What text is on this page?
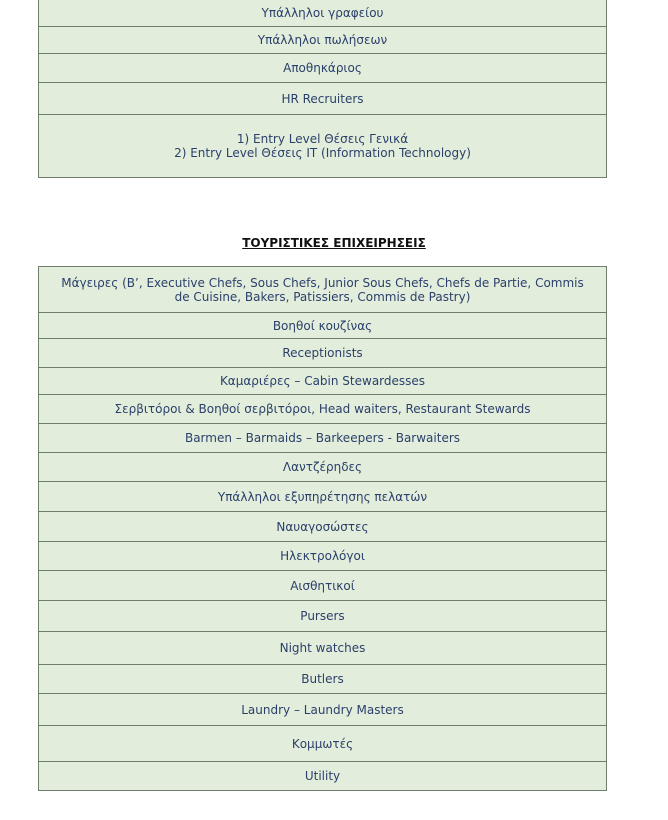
Υπάλληλοι γραφείου
Υπάλληλοι πωλήσεων
Αποθηκάριος
HR Recruiters

1) Entry Level Θέσεις Γενικά
2) Entry Level Θέσεις IT (Information Technology)
ΤΟΥΡΙΣΤΙΚΕΣ ΕΠΙΧΕΙΡΗΣΕΙΣ
Μάγειρες (Β’, Executive Chefs, Sous Chefs, Junior Sous Chefs, Chefs de Partie, Commis de Cuisine, Bakers, Patissiers, Commis de Pastry)
Βοηθοί κουζίνας
Receptionists
Καμαριέρες – Cabin Stewardesses
Σερβιτόροι & Βοηθοί σερβιτόροι, Head waiters, Restaurant Stewards
Barmen – Barmaids – Barkeepers - Barwaiters
Λαντζέρηδες
Υπάλληλοι εξυπηρέτησης πελατών
Ναυαγοσώστες
Ηλεκτρολόγοι
Αισθητικοί
Pursers
Night watches
Butlers
Laundry – Laundry Masters
Κομμωτές
Utility
